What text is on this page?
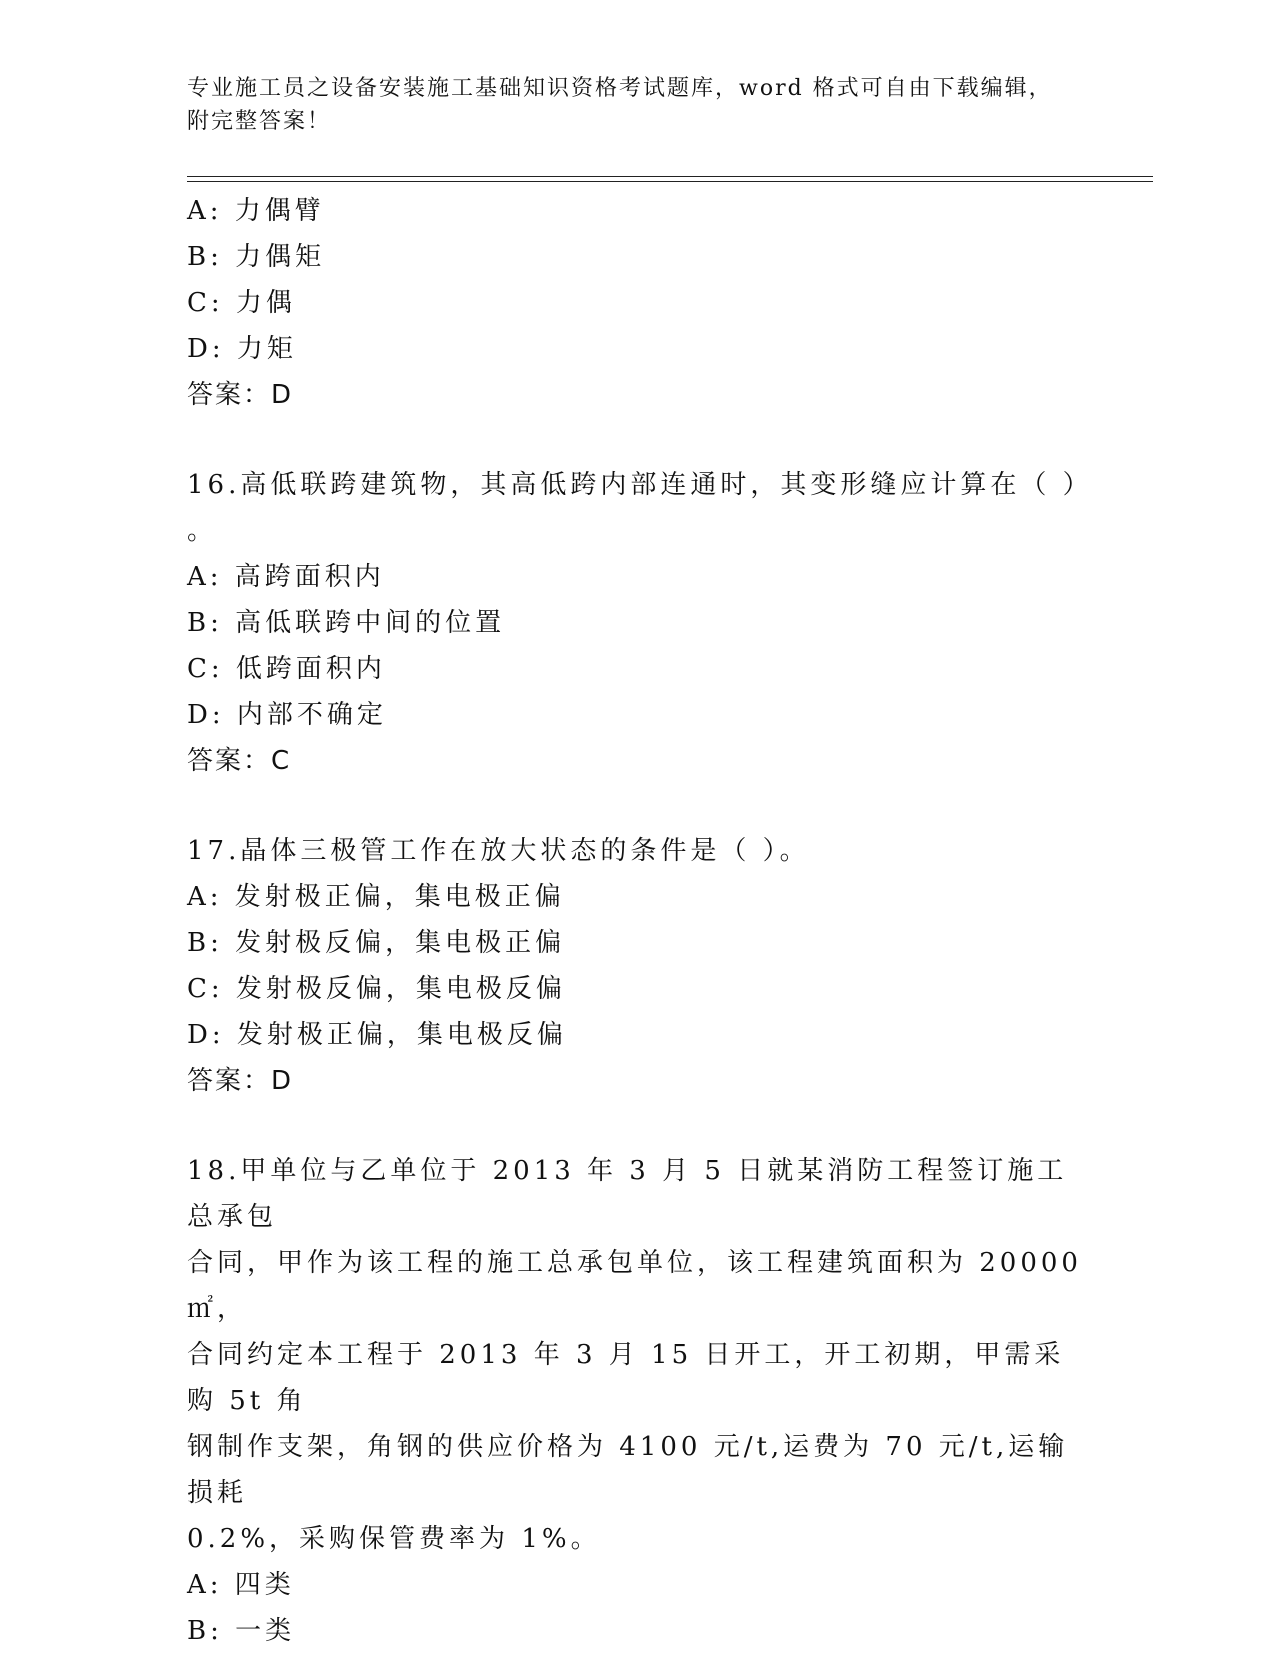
专业施工员之设备安装施工基础知识资格考试题库，word 格式可自由下载编辑，
附完整答案！

A: 力偶臂

B: 力偶矩

C: 力偶

D: 力矩

答案：D

16.高低联跨建筑物，其高低跨内部连通时，其变形缝应计算在（ ）

。

A: 高跨面积内

B: 高低联跨中间的位置

C: 低跨面积内

D: 内部不确定

答案：C

17.晶体三极管工作在放大状态的条件是（ ）。

A: 发射极正偏，集电极正偏

B: 发射极反偏，集电极正偏

C: 发射极反偏，集电极反偏

D: 发射极正偏，集电极反偏

答案：D

18.甲单位与乙单位于 2013 年 3 月 5 日就某消防工程签订施工总承包

合同，甲作为该工程的施工总承包单位，该工程建筑面积为 20000㎡，

合同约定本工程于 2013 年 3 月 15 日开工，开工初期，甲需采购 5t 角

钢制作支架，角钢的供应价格为 4100 元/t,运费为 70 元/t,运输损耗

0.2%，采购保管费率为 1%。

A: 四类

B: 一类
